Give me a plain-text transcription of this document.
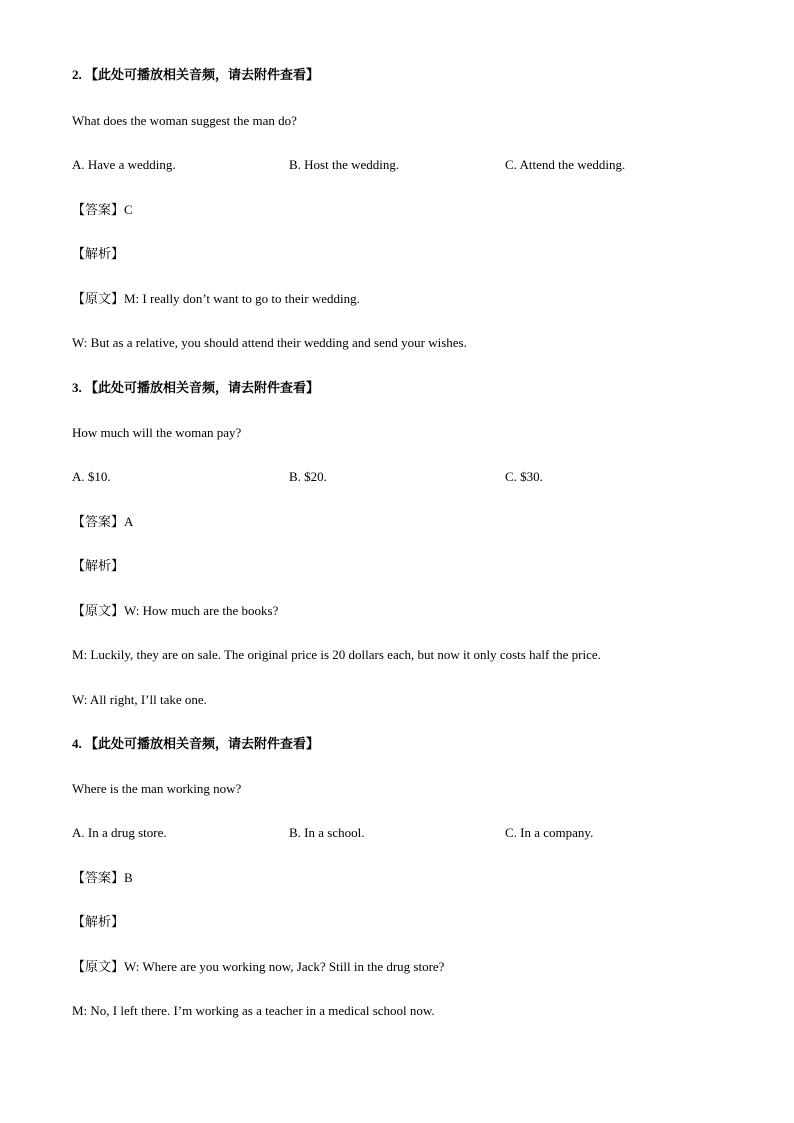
2. 【此处可播放相关音频，请去附件查看】
What does the woman suggest the man do?
A. Have a wedding.	B. Host the wedding.	C. Attend the wedding.
【答案】C
【解析】
【原文】M: I really don’t want to go to their wedding.
W: But as a relative, you should attend their wedding and send your wishes.
3. 【此处可播放相关音频，请去附件查看】
How much will the woman pay?
A. $10.	B. $20.	C. $30.
【答案】A
【解析】
【原文】W: How much are the books?
M: Luckily, they are on sale. The original price is 20 dollars each, but now it only costs half the price.
W: All right, I’ll take one.
4. 【此处可播放相关音频，请去附件查看】
Where is the man working now?
A. In a drug store.	B. In a school.	C. In a company.
【答案】B
【解析】
【原文】W: Where are you working now, Jack? Still in the drug store?
M: No, I left there. I’m working as a teacher in a medical school now.
